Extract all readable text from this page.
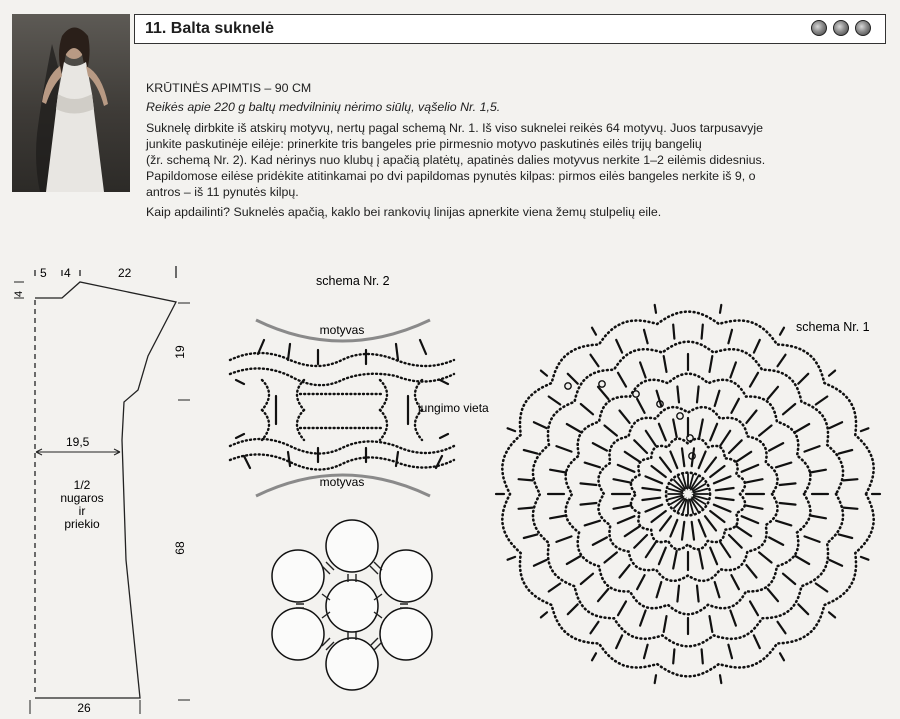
11. Balta suknelė

KRŪTINĖS APIMTIS – 90 CM

Reikės apie 220 g baltų medvilninių nėrimo siūlų, vąšelio Nr. 1,5.

Suknelę dirbkite iš atskirų motyvų, nertų pagal schemą Nr. 1. Iš viso suknelei reikės 64 motyvų. Juos tarpusavyje

junkite paskutinėje eilėje: prinerkite tris bangeles prie pirmesnio motyvo paskutinės eilės trijų bangelių

(žr. schemą Nr. 2). Kad nėrinys nuo klubų į apačią platėtų, apatinės dalies motyvus nerkite 1–2 eilėmis didesnius.

Papildomose eilėse pridėkite atitinkamai po dvi papildomas pynutės kilpas: pirmos eilės bangeles nerkite iš 9, o

antros – iš 11 pynutės kilpų.

Kaip apdailinti? Suknelės apačią, kaklo bei rankovių linijas apnerkite viena žemų stulpelių eile.

5 4	22
4
19
19,5
1/2
nugaros
ir
priekio
68
26
schema Nr. 2
motyvas
motyvas
jungimo vieta
schema Nr. 1
